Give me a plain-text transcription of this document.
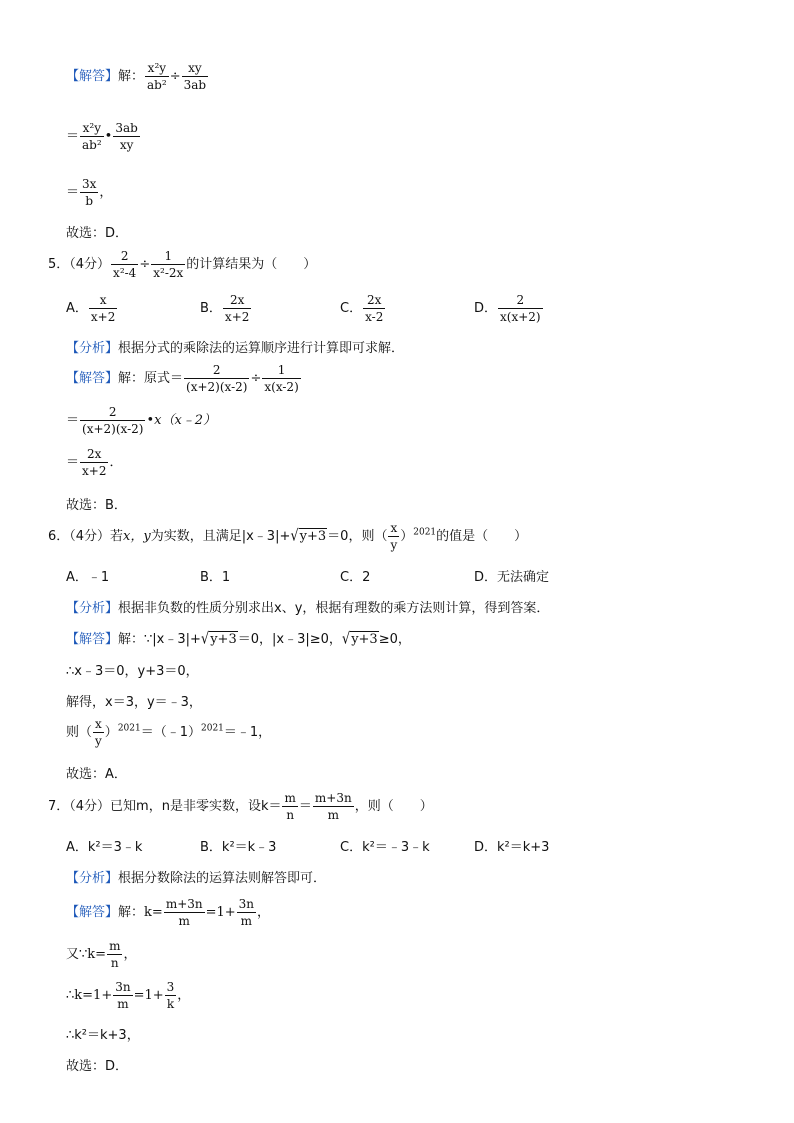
【解答】解： $\frac{\text{x²y}}{\text{ab²}} \div \frac{xy}{3ab}$
＝ $\frac{\text{x²y}}{\text{ab²}}$ • $\frac{3ab}{xy}$
＝ $\frac{3x}{b}$ ，
故选：D．
5．（4分） $\frac{2}{\text{x²-4}} \div \frac{1}{\text{x²-2x}}$ 的计算结果为（　　）
A． $\frac{x}{x+2}$	B． $\frac{2x}{x+2}$	C． $\frac{2x}{x-2}$	D． $\frac{2}{x(x+2)}$
【分析】根据分式的乘除法的运算顺序进行计算即可求解．
【解答】解：原式＝ $\frac{2}{(x+2)(x-2)} \div \frac{1}{x(x-2)}$
＝ $\frac{2}{(x+2)(x-2)}$ •x（x﹣2）
＝ $\frac{2x}{x+2}$ ．
故选：B．
6．（4分）若x，y为实数，且满足|x﹣3|+√y+3＝0，则（ $\frac{x}{y} )^{2021}$的值是（　　）
A．﹣1	B．1	C．2	D．无法确定
【分析】根据非负数的性质分别求出x、y，根据有理数的乘方法则计算，得到答案．
【解答】解：∵|x﹣3|+√y+3＝0，|x﹣3|≥0，√y+3≥0，
∴x﹣3＝0，y+3＝0，
解得，x＝3，y＝﹣3，
则（ $\frac{x}{y}$ ）$^{2021}$＝（﹣1）$^{2021}$＝﹣1，
故选：A．
7．（4分）已知m，n是非零实数，设$k= \frac{m}{n} = \frac{m+3n}{m}$ ，则（　　）
A．k²＝3﹣k	B．k²＝k﹣3	C．k²＝﹣3﹣k	D．k²＝k+3
【分析】根据分数除法的运算法则解答即可．
【解答】解：$k= \frac{m+3n}{m} =1+ \frac{3n}{m}$ ，
又∵k= $\frac{m}{n}$ ，
∴k=1+ $\frac{3n}{m} =1+ \frac{3}{k}$ ，
∴k²＝k+3，
故选：D．
